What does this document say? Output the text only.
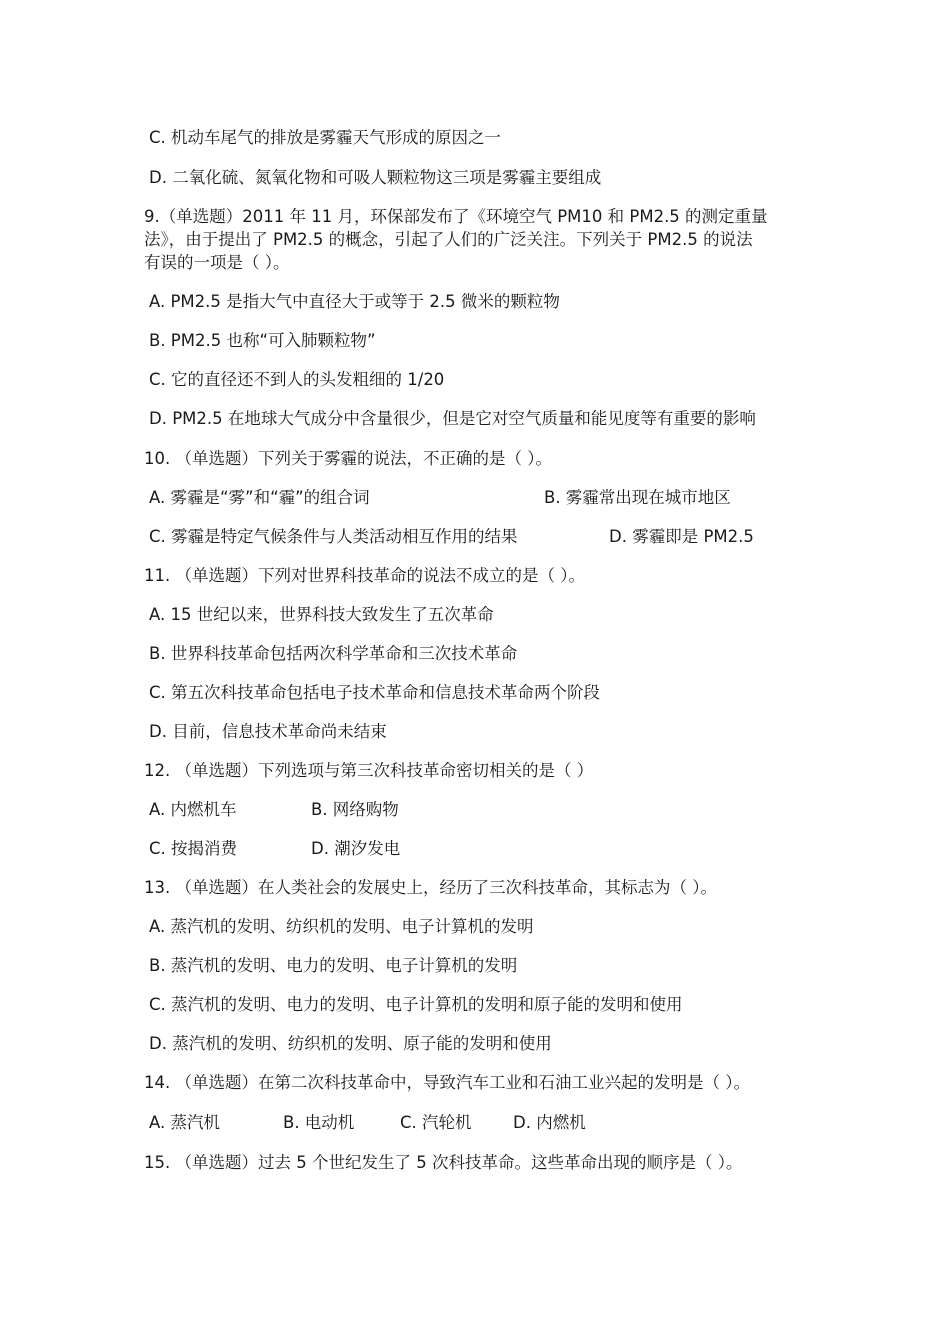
C. 机动车尾气的排放是雾霾天气形成的原因之一
D. 二氧化硫、氮氧化物和可吸人颗粒物这三项是雾霾主要组成
9.（单选题）2011 年 11 月，环保部发布了《环境空气 PM10 和 PM2.5 的测定重量
法》，由于提出了 PM2.5 的概念，引起了人们的广泛关注。下列关于 PM2.5 的说法
有误的一项是（ ）。
A. PM2.5 是指大气中直径大于或等于 2.5 微米的颗粒物
B. PM2.5 也称“可入肺颗粒物”
C. 它的直径还不到人的头发粗细的 1/20
D. PM2.5 在地球大气成分中含量很少，但是它对空气质量和能见度等有重要的影响
10. （单选题）下列关于雾霾的说法，不正确的是（ ）。
A. 雾霾是“雾”和“霾”的组合词	B. 雾霾常出现在城市地区
C. 雾霾是特定气候条件与人类活动相互作用的结果	D. 雾霾即是 PM2.5
11. （单选题）下列对世界科技革命的说法不成立的是（ ）。
A. 15 世纪以来，世界科技大致发生了五次革命
B. 世界科技革命包括两次科学革命和三次技术革命
C. 第五次科技革命包括电子技术革命和信息技术革命两个阶段
D. 目前，信息技术革命尚未结束
12. （单选题）下列选项与第三次科技革命密切相关的是（ ）
A. 内燃机车	B. 网络购物
C. 按揭消费	D. 潮汐发电
13. （单选题）在人类社会的发展史上，经历了三次科技革命，其标志为（ ）。
A. 蒸汽机的发明、纺织机的发明、电子计算机的发明
B. 蒸汽机的发明、电力的发明、电子计算机的发明
C. 蒸汽机的发明、电力的发明、电子计算机的发明和原子能的发明和使用
D. 蒸汽机的发明、纺织机的发明、原子能的发明和使用
14. （单选题）在第二次科技革命中，导致汽车工业和石油工业兴起的发明是（ ）。
A. 蒸汽机	B. 电动机	C. 汽轮机	D. 内燃机
15. （单选题）过去 5 个世纪发生了 5 次科技革命。这些革命出现的顺序是（ ）。
